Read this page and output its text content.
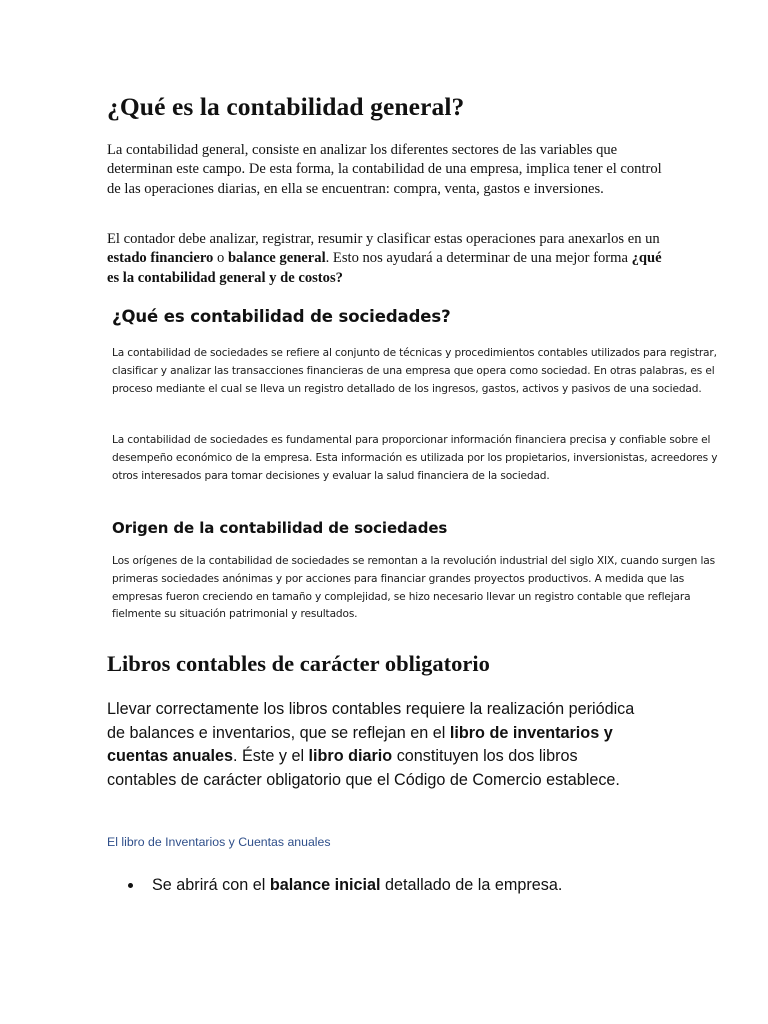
¿Qué es la contabilidad general?

La contabilidad general, consiste en analizar los diferentes sectores de las variables que determinan este campo. De esta forma, la contabilidad de una empresa, implica tener el control de las operaciones diarias, en ella se encuentran: compra, venta, gastos e inversiones.

El contador debe analizar, registrar, resumir y clasificar estas operaciones para anexarlos en un estado financiero o balance general. Esto nos ayudará a determinar de una mejor forma ¿qué es la contabilidad general y de costos?

¿Qué es contabilidad de sociedades?

La contabilidad de sociedades se refiere al conjunto de técnicas y procedimientos contables utilizados para registrar, clasificar y analizar las transacciones financieras de una empresa que opera como sociedad. En otras palabras, es el proceso mediante el cual se lleva un registro detallado de los ingresos, gastos, activos y pasivos de una sociedad.

La contabilidad de sociedades es fundamental para proporcionar información financiera precisa y confiable sobre el desempeño económico de la empresa. Esta información es utilizada por los propietarios, inversionistas, acreedores y otros interesados para tomar decisiones y evaluar la salud financiera de la sociedad.

Origen de la contabilidad de sociedades

Los orígenes de la contabilidad de sociedades se remontan a la revolución industrial del siglo XIX, cuando surgen las primeras sociedades anónimas y por acciones para financiar grandes proyectos productivos. A medida que las empresas fueron creciendo en tamaño y complejidad, se hizo necesario llevar un registro contable que reflejara fielmente su situación patrimonial y resultados.

Libros contables de carácter obligatorio

Llevar correctamente los libros contables requiere la realización periódica de balances e inventarios, que se reflejan en el libro de inventarios y cuentas anuales. Éste y el libro diario constituyen los dos libros contables de carácter obligatorio que el Código de Comercio establece.

El libro de Inventarios y Cuentas anuales

Se abrirá con el balance inicial detallado de la empresa.
